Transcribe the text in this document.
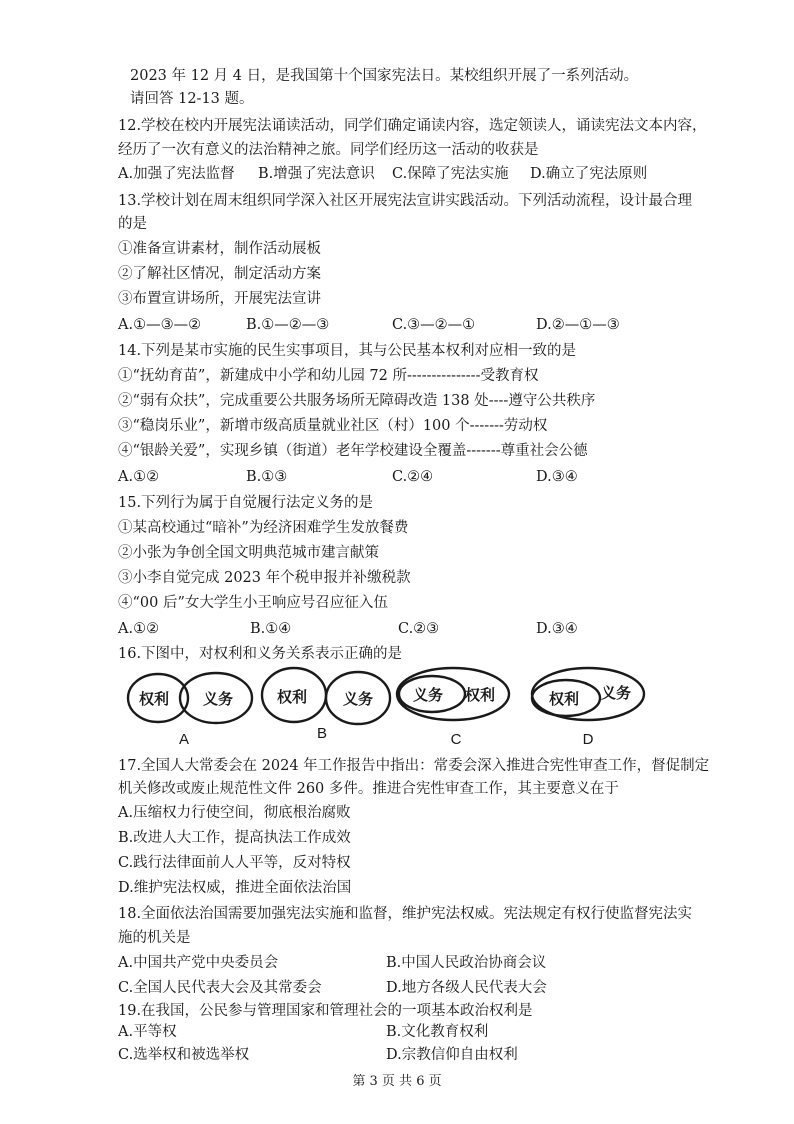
2023 年 12 月 4 日，是我国第十个国家宪法日。某校组织开展了一系列活动。
请回答 12-13 题。
12.学校在校内开展宪法诵读活动，同学们确定诵读内容，选定领读人，诵读宪法文本内容，
经历了一次有意义的法治精神之旅。同学们经历这一活动的收获是
A.加强了宪法监督 B.增强了宪法意识 C.保障了宪法实施 D.确立了宪法原则
13.学校计划在周末组织同学深入社区开展宪法宣讲实践活动。下列活动流程，设计最合理
的是
①准备宣讲素材，制作活动展板
②了解社区情况，制定活动方案
③布置宣讲场所，开展宪法宣讲
A.①—③—②	B.①—②—③	C.③—②—①	D.②—①—③
14.下列是某市实施的民生实事项目，其与公民基本权利对应相一致的是
①“抚幼育苗”，新建成中小学和幼儿园 72 所---------------受教育权
②“弱有众扶”，完成重要公共服务场所无障碍改造 138 处----遵守公共秩序
③“稳岗乐业”，新增市级高质量就业社区（村）100 个-------劳动权
④“银龄关爱”，实现乡镇（街道）老年学校建设全覆盖-------尊重社会公德
A.①②	B.①③	C.②④	D.③④
15.下列行为属于自觉履行法定义务的是
①某高校通过“暗补”为经济困难学生发放餐费
②小张为争创全国文明典范城市建言献策
③小李自觉完成 2023 年个税申报并补缴税款
④“00 后”女大学生小王响应号召应征入伍
A.①②	B.①④	C.②③	D.③④
16.下图中，对权利和义务关系表示正确的是
权利 义务	权利 义务	义务 权利	权利 义务
A	B	C	D
17.全国人大常委会在 2024 年工作报告中指出：常委会深入推进合宪性审查工作，督促制定
机关修改或废止规范性文件 260 多件。推进合宪性审查工作，其主要意义在于
A.压缩权力行使空间，彻底根治腐败
B.改进人大工作，提高执法工作成效
C.践行法律面前人人平等，反对特权
D.维护宪法权威，推进全面依法治国
18.全面依法治国需要加强宪法实施和监督，维护宪法权威。宪法规定有权行使监督宪法实
施的机关是
A.中国共产党中央委员会	B.中国人民政治协商会议
C.全国人民代表大会及其常委会	D.地方各级人民代表大会
19.在我国，公民参与管理国家和管理社会的一项基本政治权利是
A.平等权	B.文化教育权利
C.选举权和被选举权	D.宗教信仰自由权利
第 3 页 共 6 页
